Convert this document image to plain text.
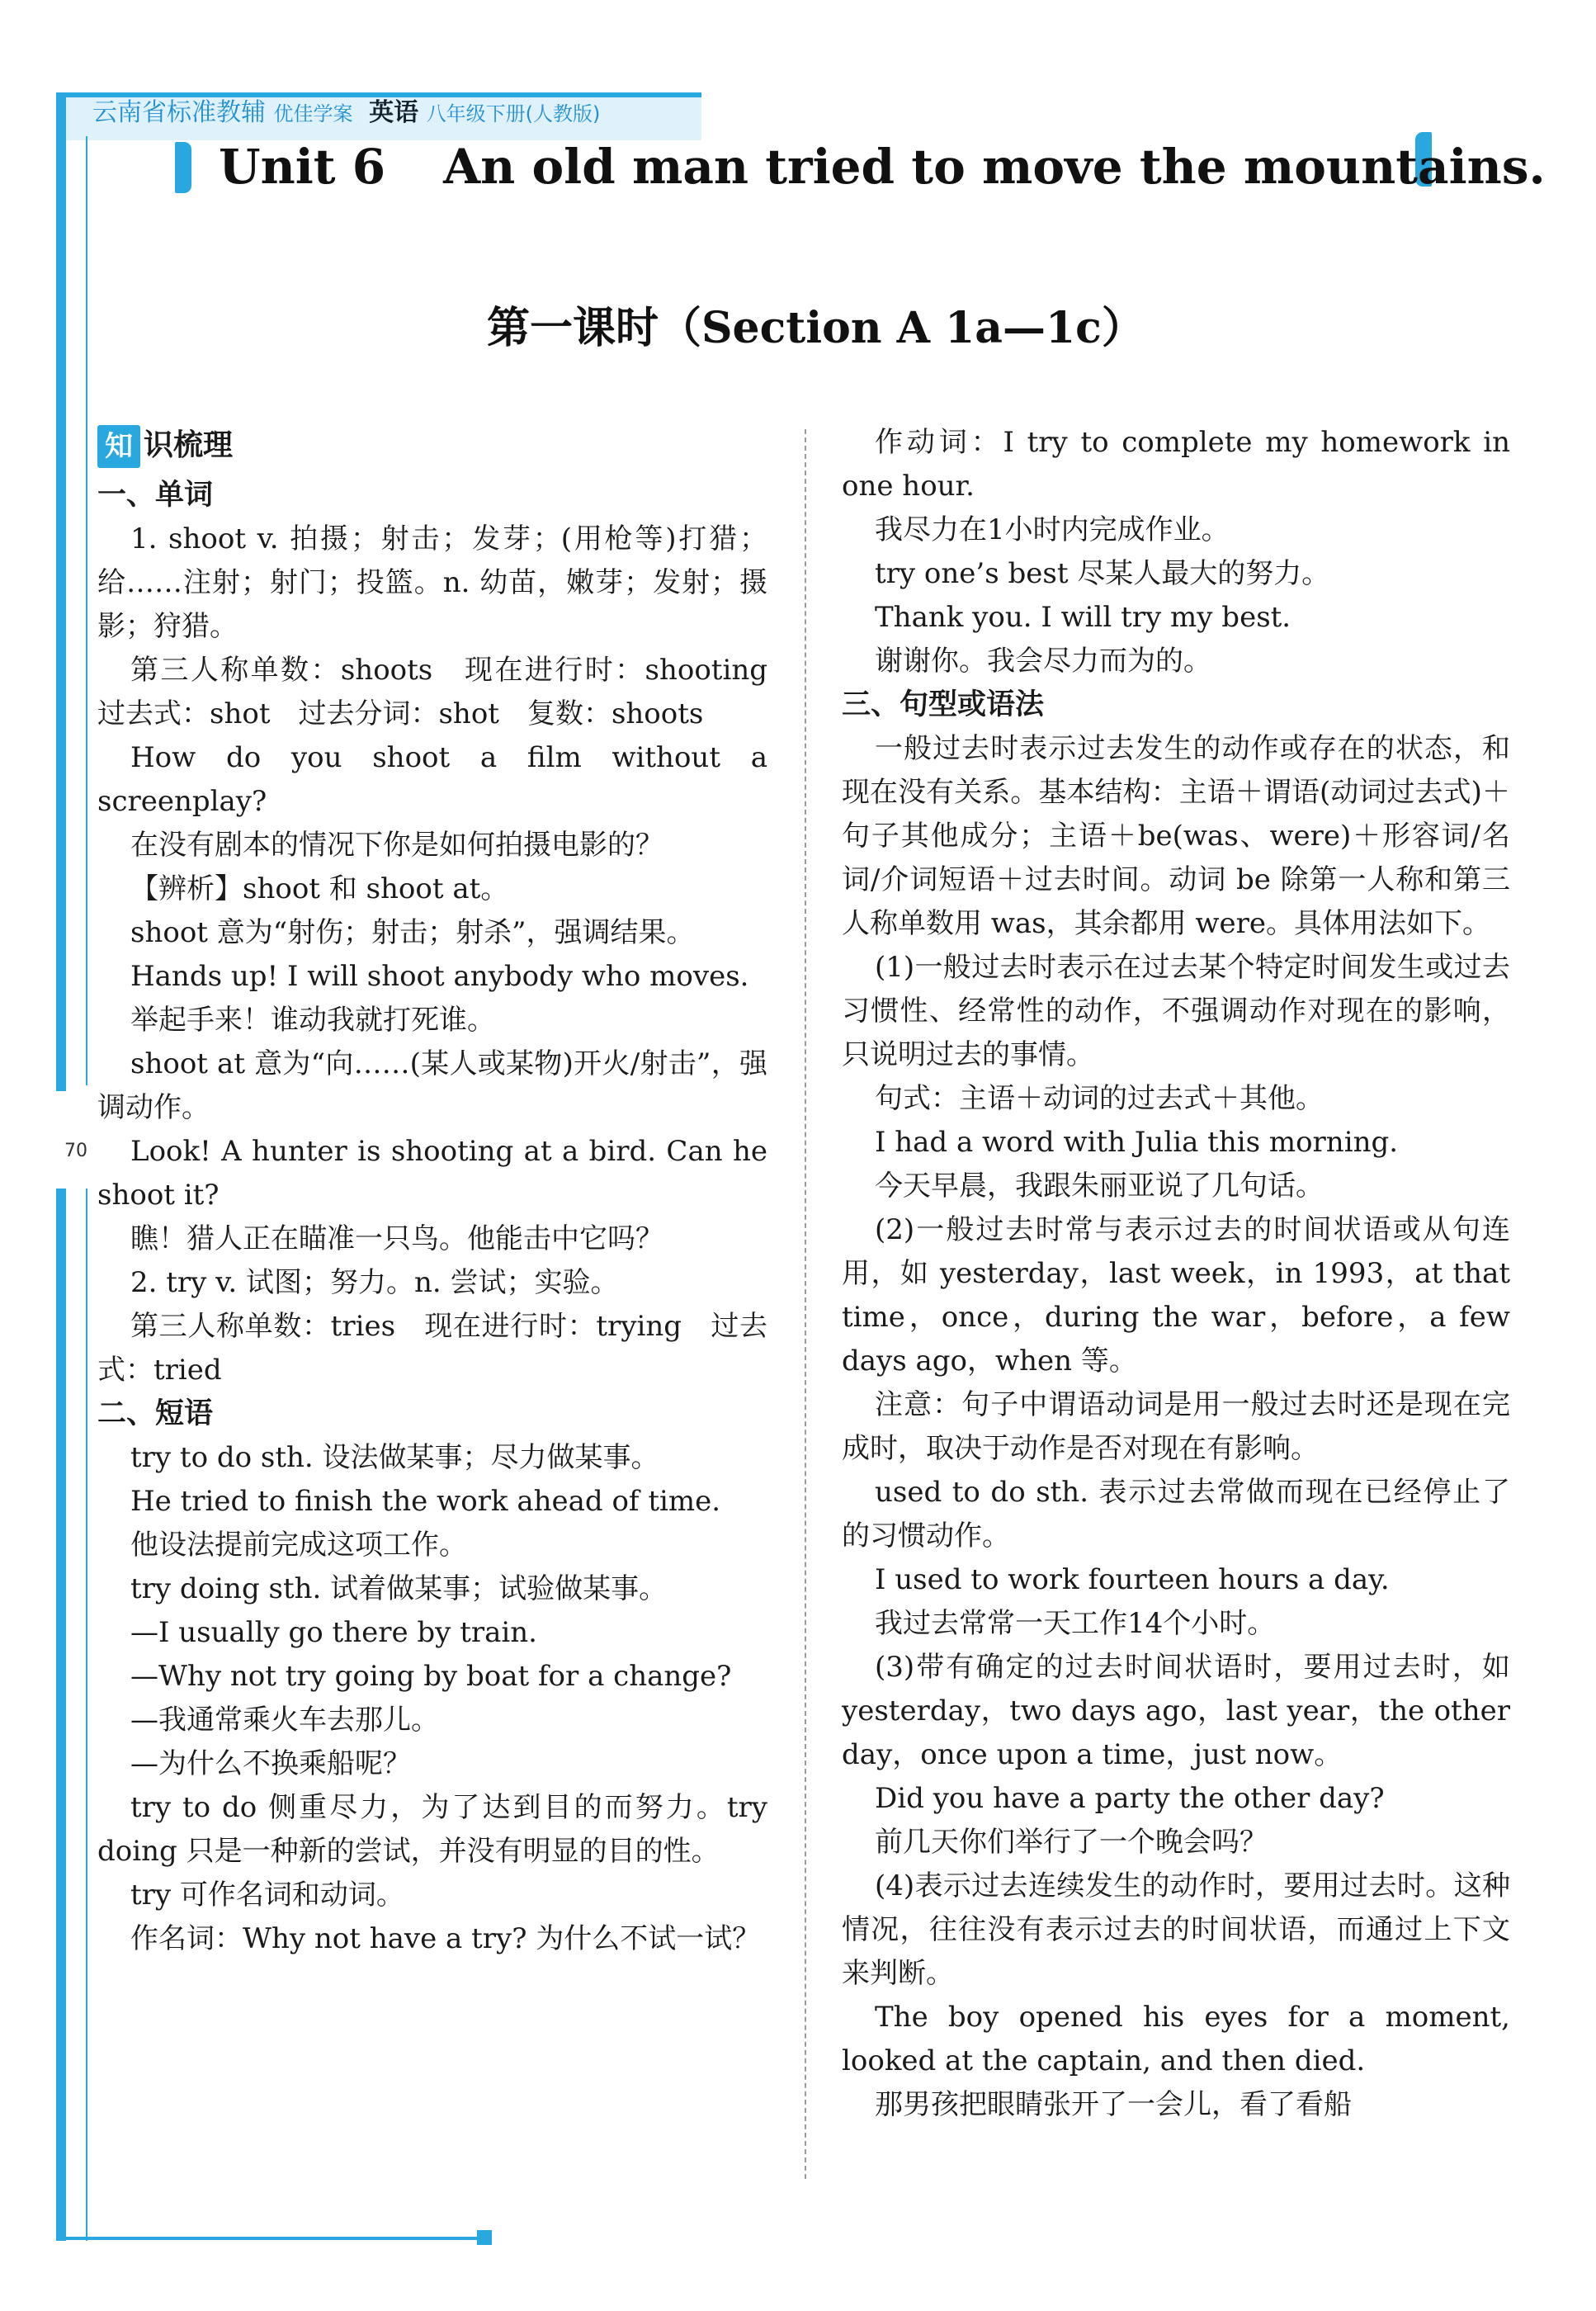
云南省标准教辅 优佳学案 英语 八年级下册(人教版)
70
Unit 6 An old man tried to move the mountains.
第一课时（Section A 1a—1c）
知 识梳理

一、单词

1. shoot v. 拍摄；射击；发芽；(用枪等)打猎；给……注射；射门；投篮。n. 幼苗，嫩芽；发射；摄影；狩猎。

第三人称单数：shoots　现在进行时：shooting　过去式：shot　过去分词：shot　复数：shoots

How do you shoot a film without a screenplay?

在没有剧本的情况下你是如何拍摄电影的？

【辨析】shoot 和 shoot at。

shoot 意为“射伤；射击；射杀”，强调结果。

Hands up! I will shoot anybody who moves.

举起手来！谁动我就打死谁。

shoot at 意为“向……(某人或某物)开火/射击”，强调动作。

Look! A hunter is shooting at a bird. Can he shoot it?

瞧！猎人正在瞄准一只鸟。他能击中它吗？

2. try v. 试图；努力。n. 尝试；实验。

第三人称单数：tries　现在进行时：trying　过去式：tried

二、短语

try to do sth. 设法做某事；尽力做某事。

He tried to finish the work ahead of time.

他设法提前完成这项工作。

try doing sth. 试着做某事；试验做某事。

—I usually go there by train.

—Why not try going by boat for a change?

—我通常乘火车去那儿。

—为什么不换乘船呢？

try to do 侧重尽力，为了达到目的而努力。try doing 只是一种新的尝试，并没有明显的目的性。

try 可作名词和动词。

作名词：Why not have a try? 为什么不试一试？

作动词：I try to complete my homework in one hour.

我尽力在1小时内完成作业。

try one’s best 尽某人最大的努力。

Thank you. I will try my best.

谢谢你。我会尽力而为的。

三、句型或语法

一般过去时表示过去发生的动作或存在的状态，和现在没有关系。基本结构：主语＋谓语(动词过去式)＋句子其他成分；主语＋be(was、were)＋形容词/名词/介词短语＋过去时间。动词 be 除第一人称和第三人称单数用 was，其余都用 were。具体用法如下。

(1)一般过去时表示在过去某个特定时间发生或过去习惯性、经常性的动作，不强调动作对现在的影响，只说明过去的事情。

句式：主语＋动词的过去式＋其他。

I had a word with Julia this morning.

今天早晨，我跟朱丽亚说了几句话。

(2)一般过去时常与表示过去的时间状语或从句连用，如 yesterday，last week，in 1993，at that time，once，during the war，before，a few days ago，when 等。

注意：句子中谓语动词是用一般过去时还是现在完成时，取决于动作是否对现在有影响。

used to do sth. 表示过去常做而现在已经停止了的习惯动作。

I used to work fourteen hours a day.

我过去常常一天工作14个小时。

(3)带有确定的过去时间状语时，要用过去时，如 yesterday，two days ago，last year，the other day，once upon a time，just now。

Did you have a party the other day?

前几天你们举行了一个晚会吗？

(4)表示过去连续发生的动作时，要用过去时。这种情况，往往没有表示过去的时间状语，而通过上下文来判断。

The boy opened his eyes for a moment, looked at the captain, and then died.

那男孩把眼睛张开了一会儿，看了看船
